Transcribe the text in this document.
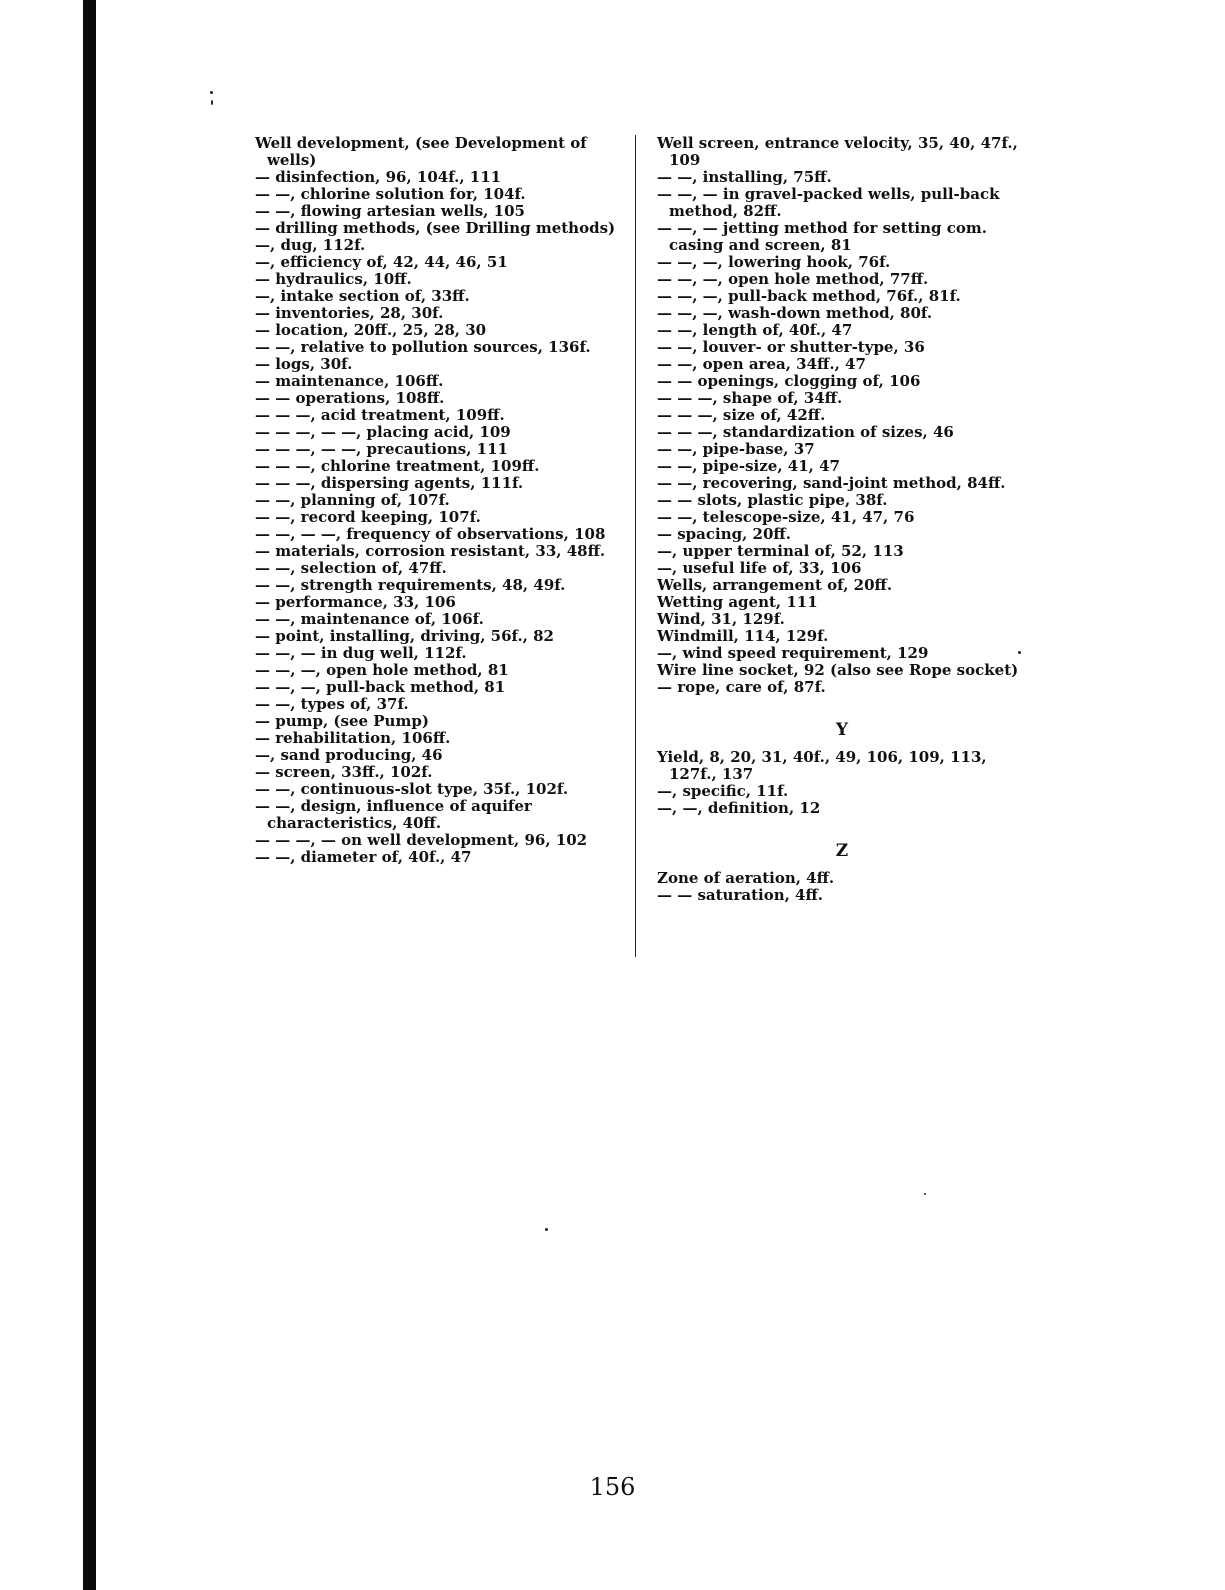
Well development, (see Development of wells)
— disinfection, 96, 104f., 111
— —, chlorine solution for, 104f.
— —, flowing artesian wells, 105
— drilling methods, (see Drilling methods)
—, dug, 112f.
—, efficiency of, 42, 44, 46, 51
— hydraulics, 10ff.
—, intake section of, 33ff.
— inventories, 28, 30f.
— location, 20ff., 25, 28, 30
— —, relative to pollution sources, 136f.
— logs, 30f.
— maintenance, 106ff.
— — operations, 108ff.
— — —, acid treatment, 109ff.
— — —, — —, placing acid, 109
— — —, — —, precautions, 111
— — —, chlorine treatment, 109ff.
— — —, dispersing agents, 111f.
— —, planning of, 107f.
— —, record keeping, 107f.
— —, — —, frequency of observations, 108
— materials, corrosion resistant, 33, 48ff.
— —, selection of, 47ff.
— —, strength requirements, 48, 49f.
— performance, 33, 106
— —, maintenance of, 106f.
— point, installing, driving, 56f., 82
— —, — in dug well, 112f.
— —, —, open hole method, 81
— —, —, pull-back method, 81
— —, types of, 37f.
— pump, (see Pump)
— rehabilitation, 106ff.
—, sand producing, 46
— screen, 33ff., 102f.
— —, continuous-slot type, 35f., 102f.
— —, design, influence of aquifer characteristics, 40ff.
— — —, — on well development, 96, 102
— —, diameter of, 40f., 47
Well screen, entrance velocity, 35, 40, 47f., 109
— —, installing, 75ff.
— —, — in gravel-packed wells, pull-back method, 82ff.
— —, — jetting method for setting com. casing and screen, 81
— —, —, lowering hook, 76f.
— —, —, open hole method, 77ff.
— —, —, pull-back method, 76f., 81f.
— —, —, wash-down method, 80f.
— —, length of, 40f., 47
— —, louver- or shutter-type, 36
— —, open area, 34ff., 47
— — openings, clogging of, 106
— — —, shape of, 34ff.
— — —, size of, 42ff.
— — —, standardization of sizes, 46
— —, pipe-base, 37
— —, pipe-size, 41, 47
— —, recovering, sand-joint method, 84ff.
— — slots, plastic pipe, 38f.
— —, telescope-size, 41, 47, 76
— spacing, 20ff.
—, upper terminal of, 52, 113
—, useful life of, 33, 106
Wells, arrangement of, 20ff.
Wetting agent, 111
Wind, 31, 129f.
Windmill, 114, 129f.
—, wind speed requirement, 129
Wire line socket, 92 (also see Rope socket)
— rope, care of, 87f.
Y
Yield, 8, 20, 31, 40f., 49, 106, 109, 113, 127f., 137
—, specific, 11f.
—, —, definition, 12
Z
Zone of aeration, 4ff.
— — saturation, 4ff.
156
